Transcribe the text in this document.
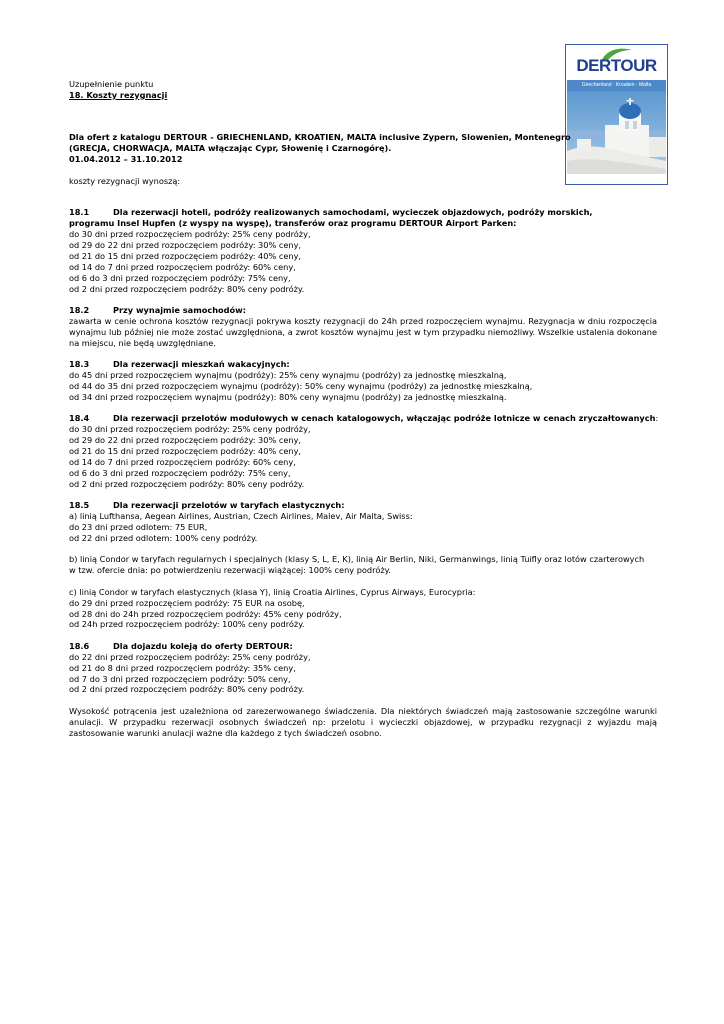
DERTOUR
Griechenland · Kroatien · Malta
Uzupełnienie punktu
18. Koszty rezygnacji
Dla ofert z katalogu DERTOUR - GRIECHENLAND, KROATIEN, MALTA inclusive Zypern, Slowenien, Montenegro
(GRECJA, CHORWACJA, MALTA włączając Cypr, Słowenię i Czarnogórę).
01.04.2012 – 31.10.2012
koszty rezygnacji wynoszą:
18.1	Dla rezerwacji hoteli, podróży realizowanych samochodami, wycieczek objazdowych, podróży morskich,
programu Insel Hupfen (z wyspy na wyspę), transferów oraz programu DERTOUR Airport Parken:
do 30 dni przed rozpoczęciem podróży: 25% ceny podróży,
od 29 do 22 dni przed rozpoczęciem podróży: 30% ceny,
od 21 do 15 dni przed rozpoczęciem podróży: 40% ceny,
od 14 do 7 dni przed rozpoczęciem podróży: 60% ceny,
od 6 do 3 dni przed rozpoczęciem podróży: 75% ceny,
od 2 dni przed rozpoczęciem podróży: 80% ceny podróży.
18.2	Przy wynajmie samochodów:
zawarta w cenie ochrona kosztów rezygnacji pokrywa koszty rezygnacji do 24h przed rozpoczęciem wynajmu. Rezygnacja w dniu rozpoczęcia wynajmu lub później nie może zostać uwzględniona, a zwrot kosztów wynajmu jest w tym przypadku niemożliwy. Wszelkie ustalenia dokonane na miejscu, nie będą uwzględniane.
18.3	Dla rezerwacji mieszkań wakacyjnych:
do 45 dni przed rozpoczęciem wynajmu (podróży): 25% ceny wynajmu (podróży) za jednostkę mieszkalną,
od 44 do 35 dni przed rozpoczęciem wynajmu (podróży): 50% ceny wynajmu (podróży) za jednostkę mieszkalną,
od 34 dni przed rozpoczęciem wynajmu (podróży): 80% ceny wynajmu (podróży) za jednostkę mieszkalną.
18.4	Dla rezerwacji przelotów modułowych w cenach katalogowych, włączając podróże lotnicze w cenach zryczałtowanych:
do 30 dni przed rozpoczęciem podróży: 25% ceny podróży,
od 29 do 22 dni przed rozpoczęciem podróży: 30% ceny,
od 21 do 15 dni przed rozpoczęciem podróży: 40% ceny,
od 14 do 7 dni przed rozpoczęciem podróży: 60% ceny,
od 6 do 3 dni przed rozpoczęciem podróży: 75% ceny,
od 2 dni przed rozpoczęciem podróży: 80% ceny podróży.
18.5	Dla rezerwacji przelotów w taryfach elastycznych:
a) linią Lufthansa, Aegean Airlines, Austrian, Czech Airlines, Malev, Air Malta, Swiss:
do 23 dni przed odlotem: 75 EUR,
od 22 dni przed odlotem: 100% ceny podróży.
b) linią Condor w taryfach regularnych i specjalnych (klasy S, L, E, K), linią Air Berlin, Niki, Germanwings, linią Tuifly oraz lotów czarterowych
w tzw. ofercie dnia: po potwierdzeniu rezerwacji wiążącej: 100% ceny podróży.
c) linią Condor w taryfach elastycznych (klasa Y), linią Croatia Airlines, Cyprus Airways, Eurocypria:
do 29 dni przed rozpoczęciem podróży: 75 EUR na osobę,
od 28 dni do 24h przed rozpoczęciem podróży: 45% ceny podróży,
od 24h przed rozpoczęciem podróży: 100% ceny podróży.
18.6	Dla dojazdu koleją do oferty DERTOUR:
do 22 dni przed rozpoczęciem podróży: 25% ceny podróży,
od 21 do 8 dni przed rozpoczęciem podróży: 35% ceny,
od 7 do 3 dni przed rozpoczęciem podróży: 50% ceny,
od 2 dni przed rozpoczęciem podróży: 80% ceny podróży.
Wysokość potrącenia jest uzależniona od zarezerwowanego świadczenia. Dla niektórych świadczeń mają zastosowanie szczególne warunki anulacji. W przypadku rezerwacji osobnych świadczeń np: przelotu i wycieczki objazdowej, w przypadku rezygnacji z wyjazdu mają zastosowanie warunki anulacji ważne dla każdego z tych świadczeń osobno.
